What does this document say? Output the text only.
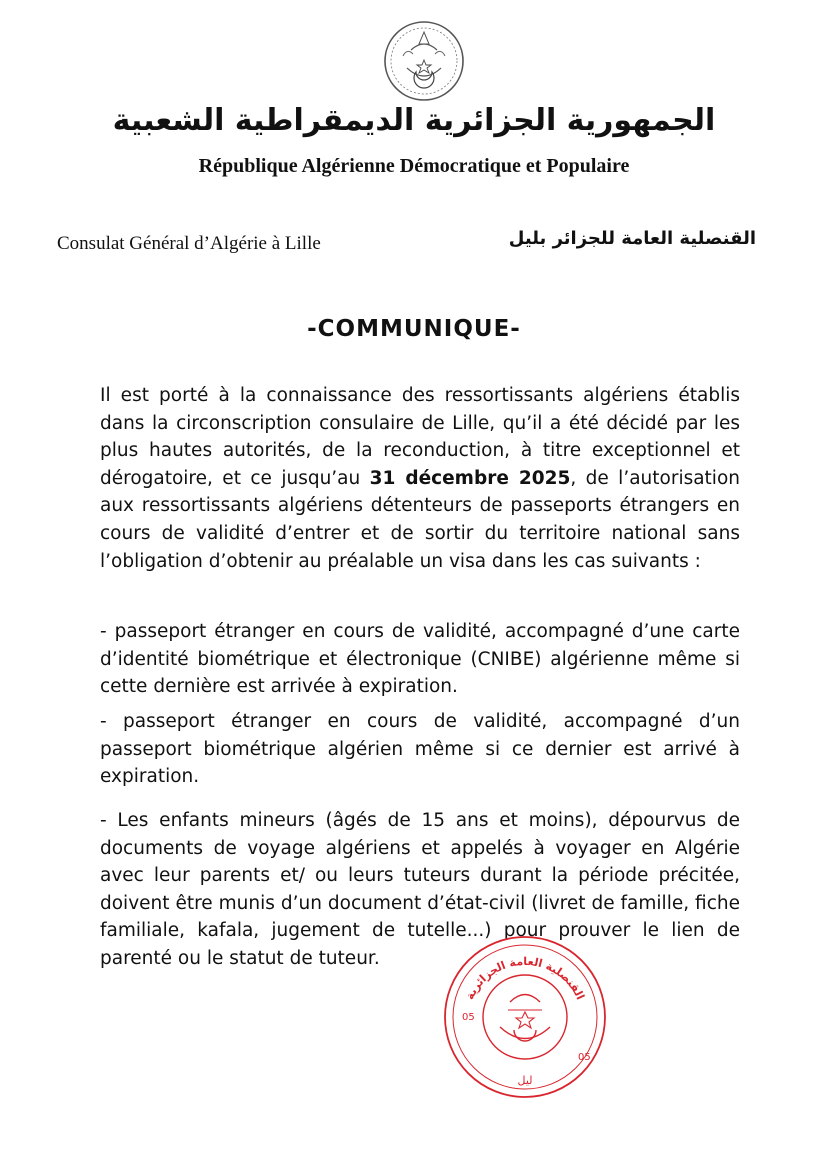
الجمهورية الجزائرية الديمقراطية الشعبية
République Algérienne Démocratique et Populaire
Consulat Général d’Algérie à Lille	القنصلية العامة للجزائر بليل
-COMMUNIQUE-
Il est porté à la connaissance des ressortissants algériens établis dans la circonscription consulaire de Lille, qu’il a été décidé par les plus hautes autorités, de la reconduction, à titre exceptionnel et dérogatoire, et ce jusqu’au 31 décembre 2025, de l’autorisation aux ressortissants algériens détenteurs de passeports étrangers en cours de validité d’entrer et de sortir du territoire national sans l’obligation d’obtenir au préalable un visa dans les cas suivants :
- passeport étranger en cours de validité, accompagné d’une carte d’identité biométrique et électronique (CNIBE) algérienne même si cette dernière est arrivée à expiration.
- passeport étranger en cours de validité, accompagné d’un passeport biométrique algérien même si ce dernier est arrivé à expiration.
- Les enfants mineurs (âgés de 15 ans et moins), dépourvus de documents de voyage algériens et appelés à voyager en Algérie avec leur parents et/ ou leurs tuteurs durant la période précitée, doivent être munis d’un document d’état-civil (livret de famille, fiche familiale, kafala, jugement de tutelle...) pour prouver le lien de parenté ou le statut de tuteur.
القنصلية العامة الجزائرية
05
05
ليل
